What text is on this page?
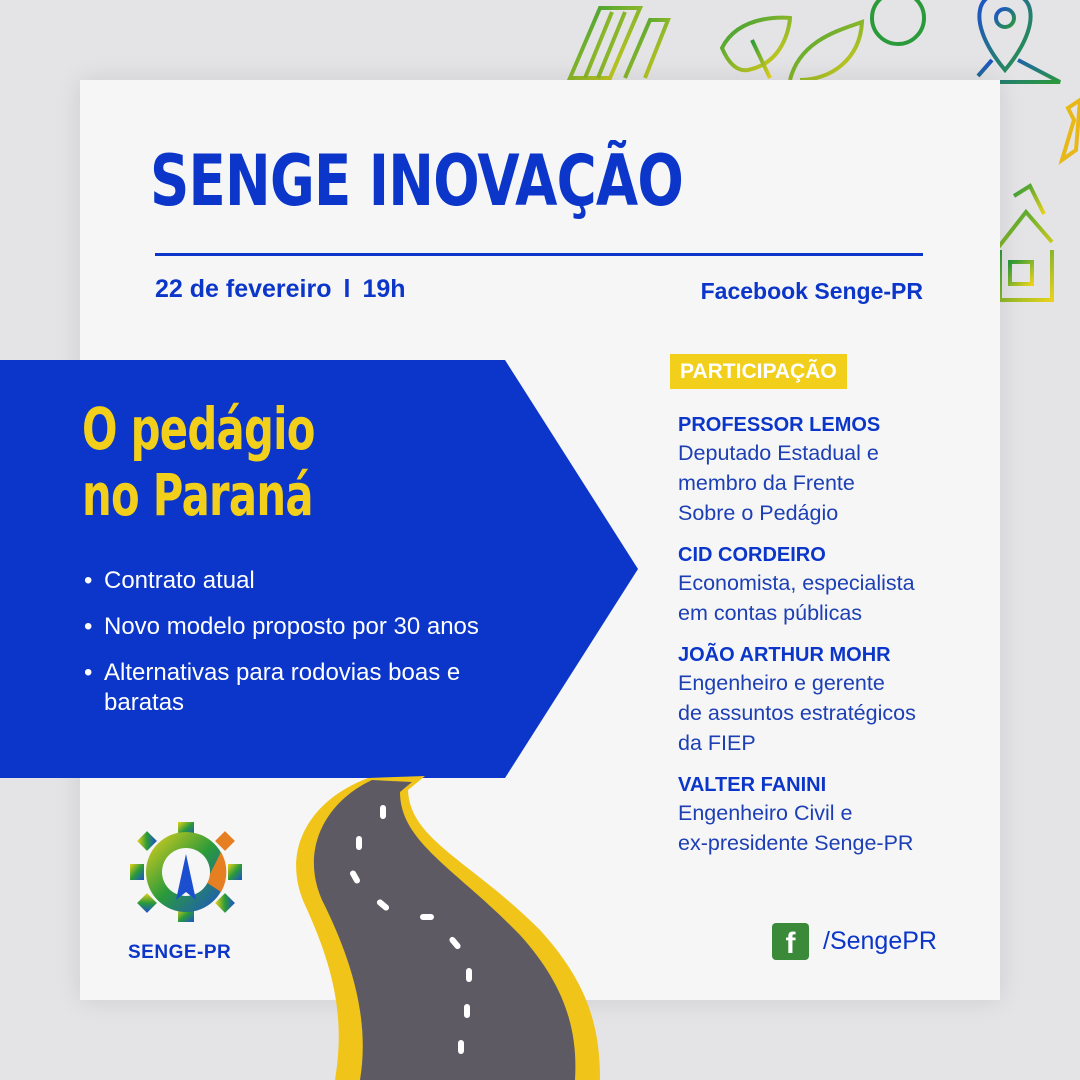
SENGE INOVAÇÃO
22 de fevereiro l 19h	Facebook Senge-PR
O pedágio
no Paraná
• Contrato atual
• Novo modelo proposto por 30 anos
• Alternativas para rodovias boas e baratas
PARTICIPAÇÃO
PROFESSOR LEMOS
Deputado Estadual e
membro da Frente
Sobre o Pedágio
CID CORDEIRO
Economista, especialista
em contas públicas
JOÃO ARTHUR MOHR
Engenheiro e gerente
de assuntos estratégicos
da FIEP
VALTER FANINI
Engenheiro Civil e
ex-presidente Senge-PR
f	/SengePR
SENGE-PR
